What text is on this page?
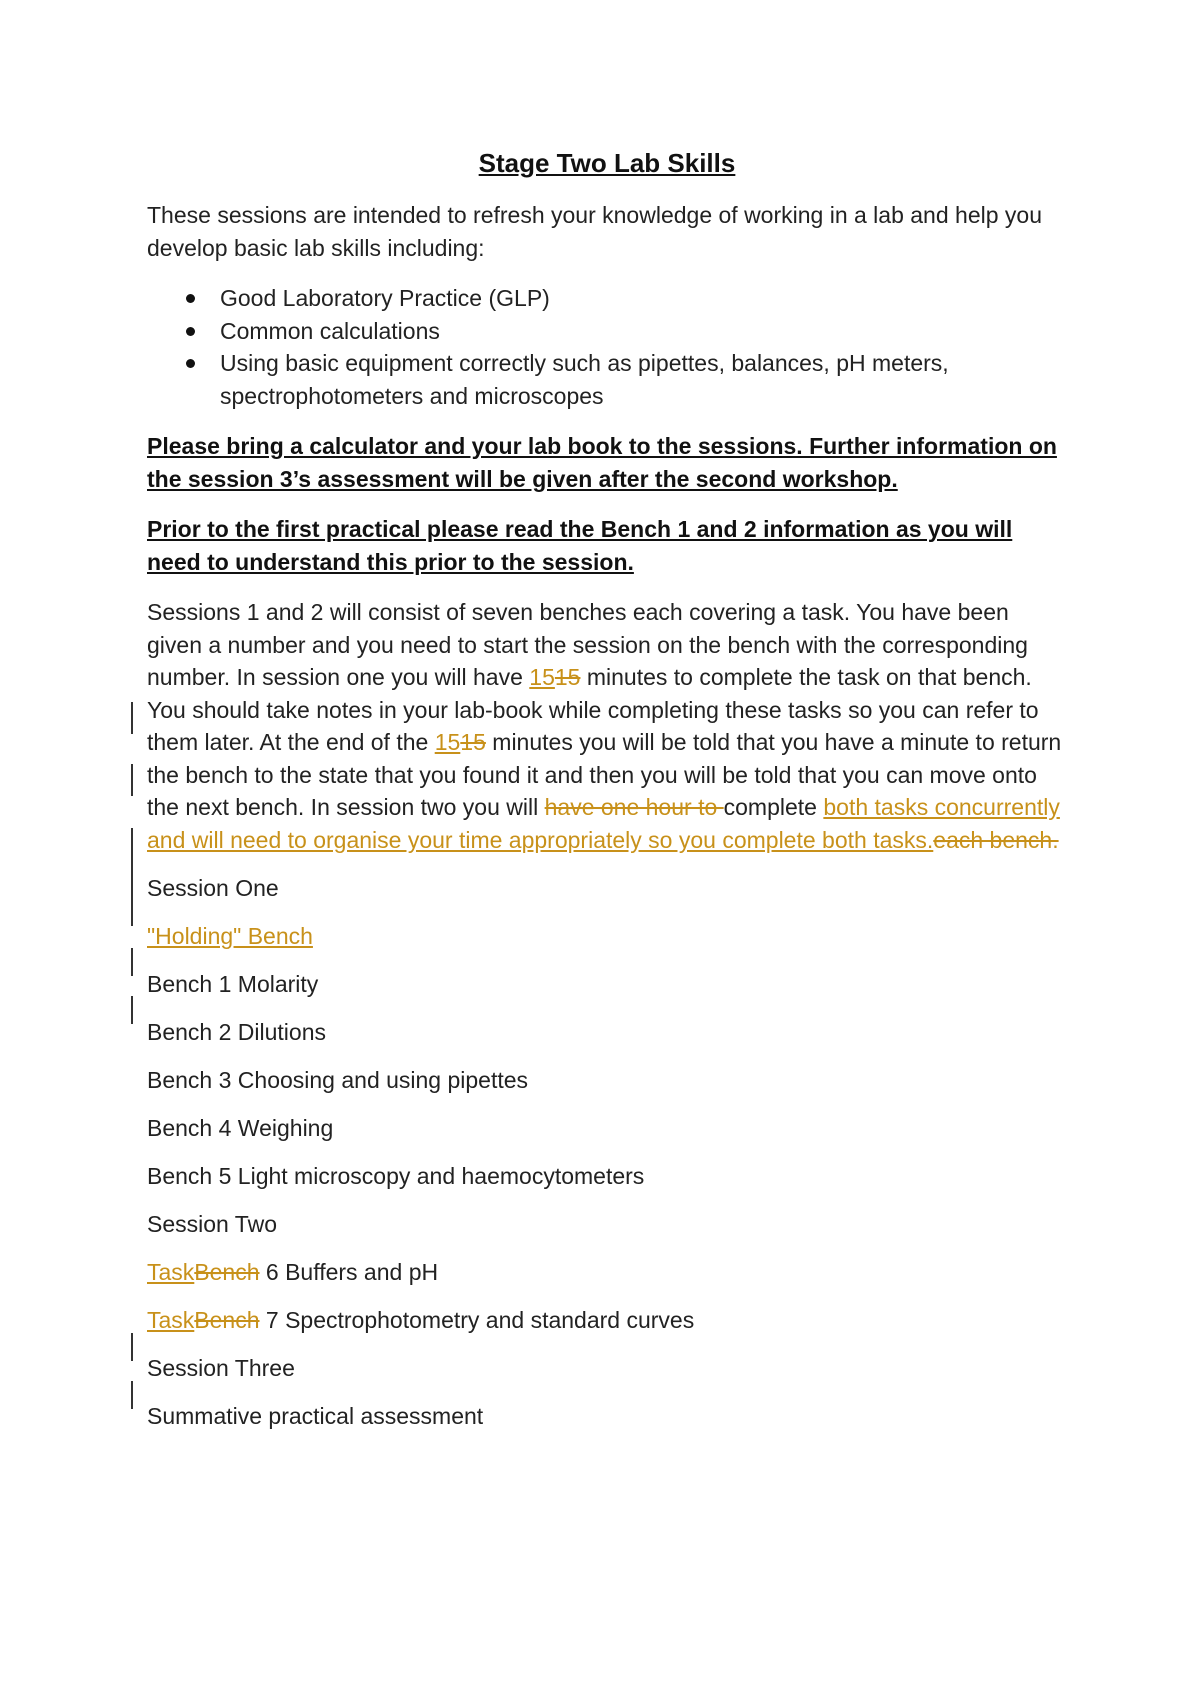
Stage Two Lab Skills

These sessions are intended to refresh your knowledge of working in a lab and help you develop basic lab skills including:

Good Laboratory Practice (GLP)
Common calculations
Using basic equipment correctly such as pipettes, balances, pH meters, spectrophotometers and microscopes

Please bring a calculator and your lab book to the sessions. Further information on the session 3’s assessment will be given after the second workshop.

Prior to the first practical please read the Bench 1 and 2 information as you will need to understand this prior to the session.

Sessions 1 and 2 will consist of seven benches each covering a task. You have been given a number and you need to start the session on the bench with the corresponding number. In session one you will have 1515 minutes to complete the task on that bench. You should take notes in your lab-book while completing these tasks so you can refer to them later. At the end of the 1515 minutes you will be told that you have a minute to return the bench to the state that you found it and then you will be told that you can move onto the next bench. In session two you will have one hour to complete both tasks concurrently and will need to organise your time appropriately so you complete both tasks.each bench.

Session One

"Holding" Bench

Bench 1 Molarity

Bench 2 Dilutions

Bench 3 Choosing and using pipettes

Bench 4 Weighing

Bench 5 Light microscopy and haemocytometers

Session Two

TaskBench 6 Buffers and pH

TaskBench 7 Spectrophotometry and standard curves

Session Three

Summative practical assessment
